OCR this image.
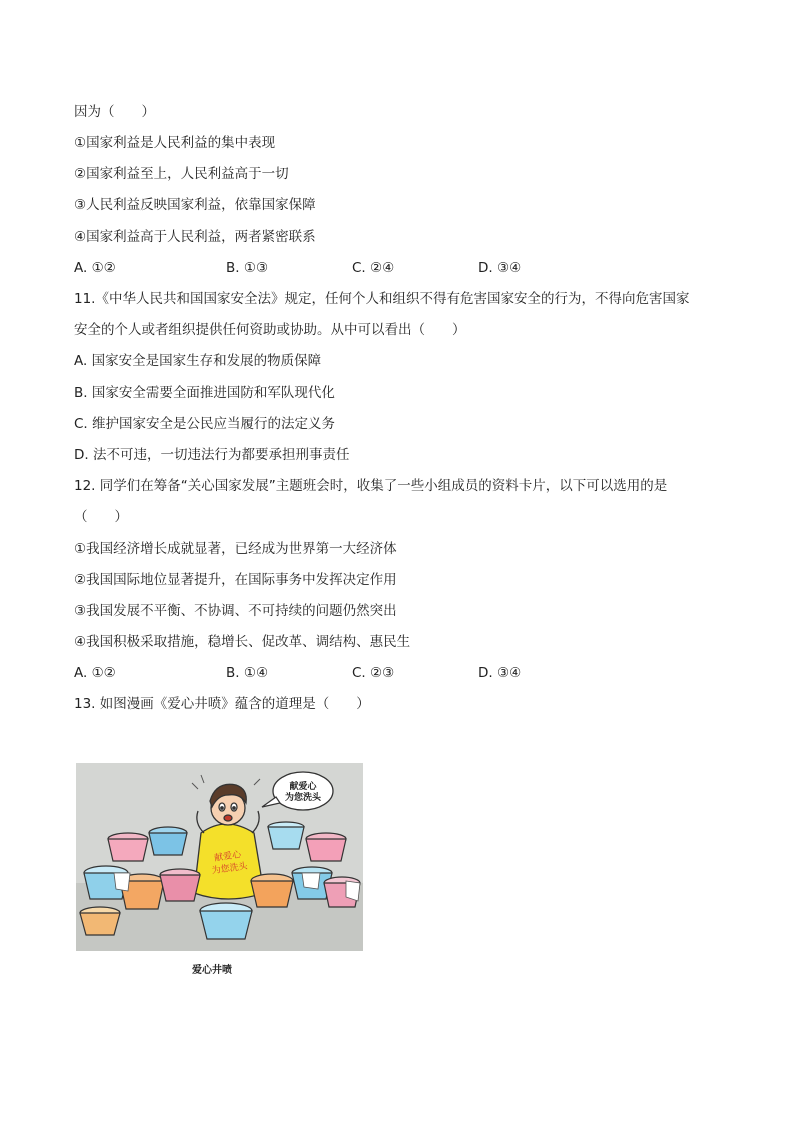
因为（　　）
①国家利益是人民利益的集中表现
②国家利益至上，人民利益高于一切
③人民利益反映国家利益，依靠国家保障
④国家利益高于人民利益，两者紧密联系
A. ①②	B. ①③	C. ②④	D. ③④
11.《中华人民共和国国家安全法》规定，任何个人和组织不得有危害国家安全的行为，不得向危害国家
安全的个人或者组织提供任何资助或协助。从中可以看出（　　）
A. 国家安全是国家生存和发展的物质保障
B. 国家安全需要全面推进国防和军队现代化
C. 维护国家安全是公民应当履行的法定义务
D. 法不可违，一切违法行为都要承担刑事责任
12. 同学们在筹备“关心国家发展”主题班会时，收集了一些小组成员的资料卡片，以下可以选用的是
（　　）
①我国经济增长成就显著，已经成为世界第一大经济体
②我国国际地位显著提升，在国际事务中发挥决定作用
③我国发展不平衡、不协调、不可持续的问题仍然突出
④我国积极采取措施，稳增长、促改革、调结构、惠民生
A. ①②	B. ①④	C. ②③	D. ③④
13. 如图漫画《爱心井喷》蕴含的道理是（　　）
献爱心
为您洗头
献爱心
为您洗头
爱心井喷
